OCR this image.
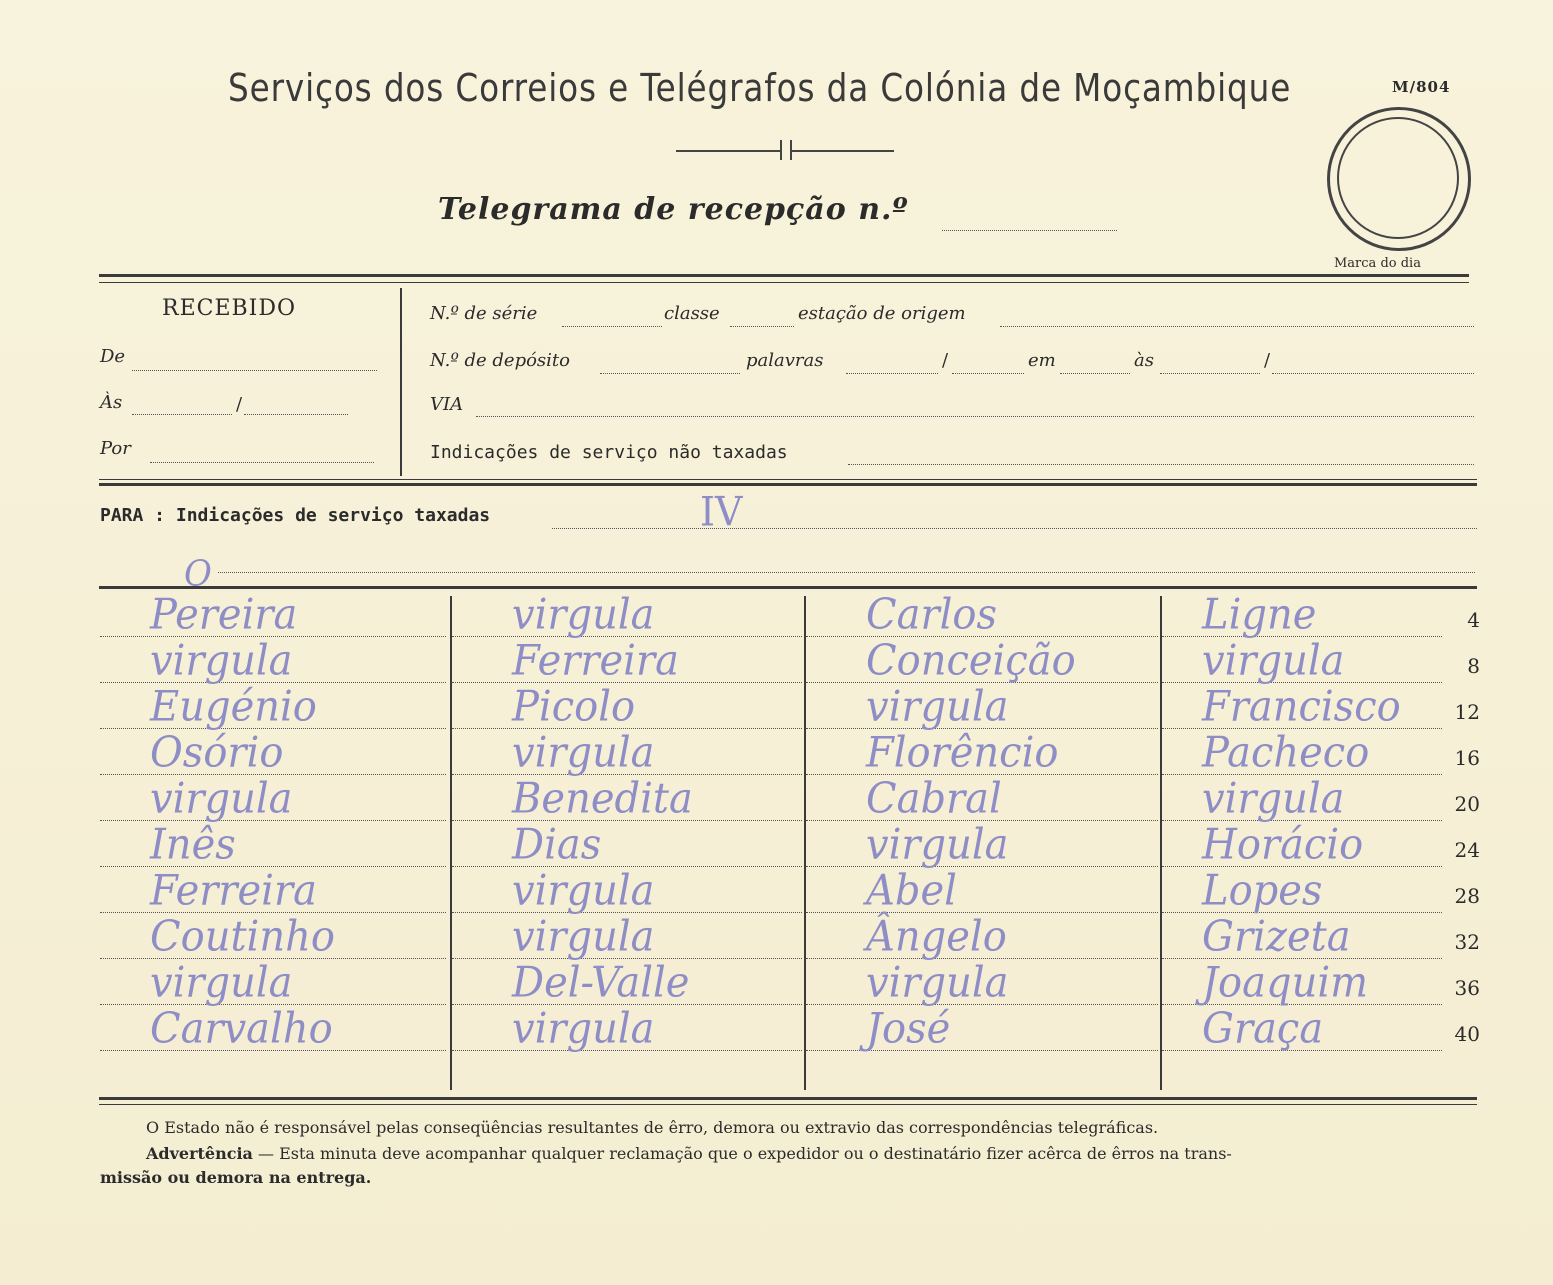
Serviços dos Correios e Telégrafos da Colónia de Moçambique	M/804
Telegrama de recepção n.º
Marca do dia
RECEBIDO
De
Às	/
Por
N.º de série	classe	estação de origem
N.º de depósito	palavras	/	em	às	/
VIA
Indicações de serviço não taxadas
PARA : Indicações de serviço taxadas	IV
O
Pereira	virgula	Carlos	Ligne	4
virgula	Ferreira	Conceição	virgula	8
Eugénio	Picolo	virgula	Francisco	12
Osório	virgula	Florêncio	Pacheco	16
virgula	Benedita	Cabral	virgula	20
Inês	Dias	virgula	Horácio	24
Ferreira	virgula	Abel	Lopes	28
Coutinho	virgula	Ângelo	Grizeta	32
virgula	Del-Valle	virgula	Joaquim	36
Carvalho	virgula	José	Graça	40
O Estado não é responsável pelas conseqüências resultantes de êrro, demora ou extravio das correspondências telegráficas.
Advertência — Esta minuta deve acompanhar qualquer reclamação que o expedidor ou o destinatário fizer acêrca de êrros na trans-
missão ou demora na entrega.
